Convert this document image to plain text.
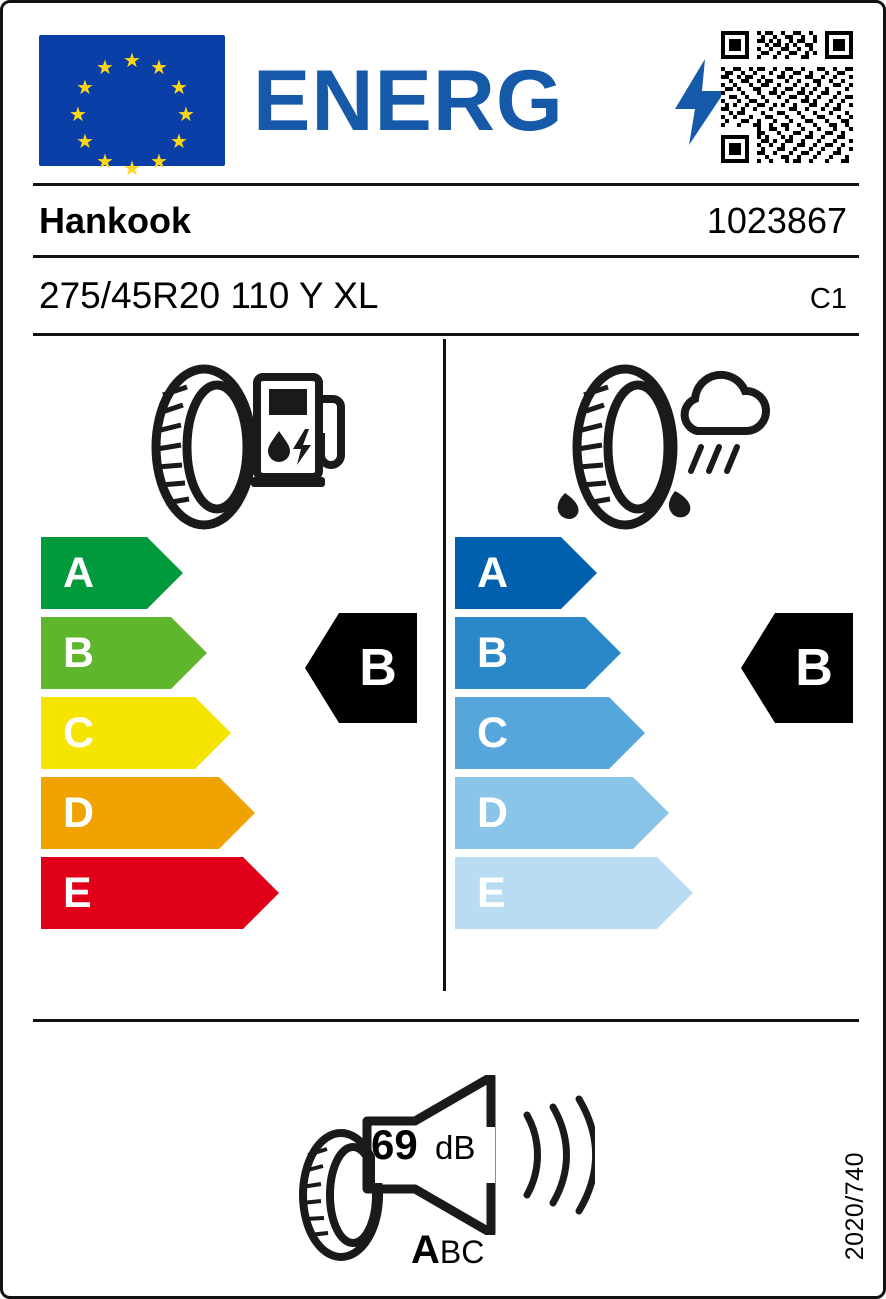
★ ★
★
★
★
★
★
★
★
★
★
★ ENERG
Hankook	1023867
275/45R20 110 Y XL	C1
A
B
C
D
E
B
A
B
C
D
E
B
69 dB
ABC	2020/740
